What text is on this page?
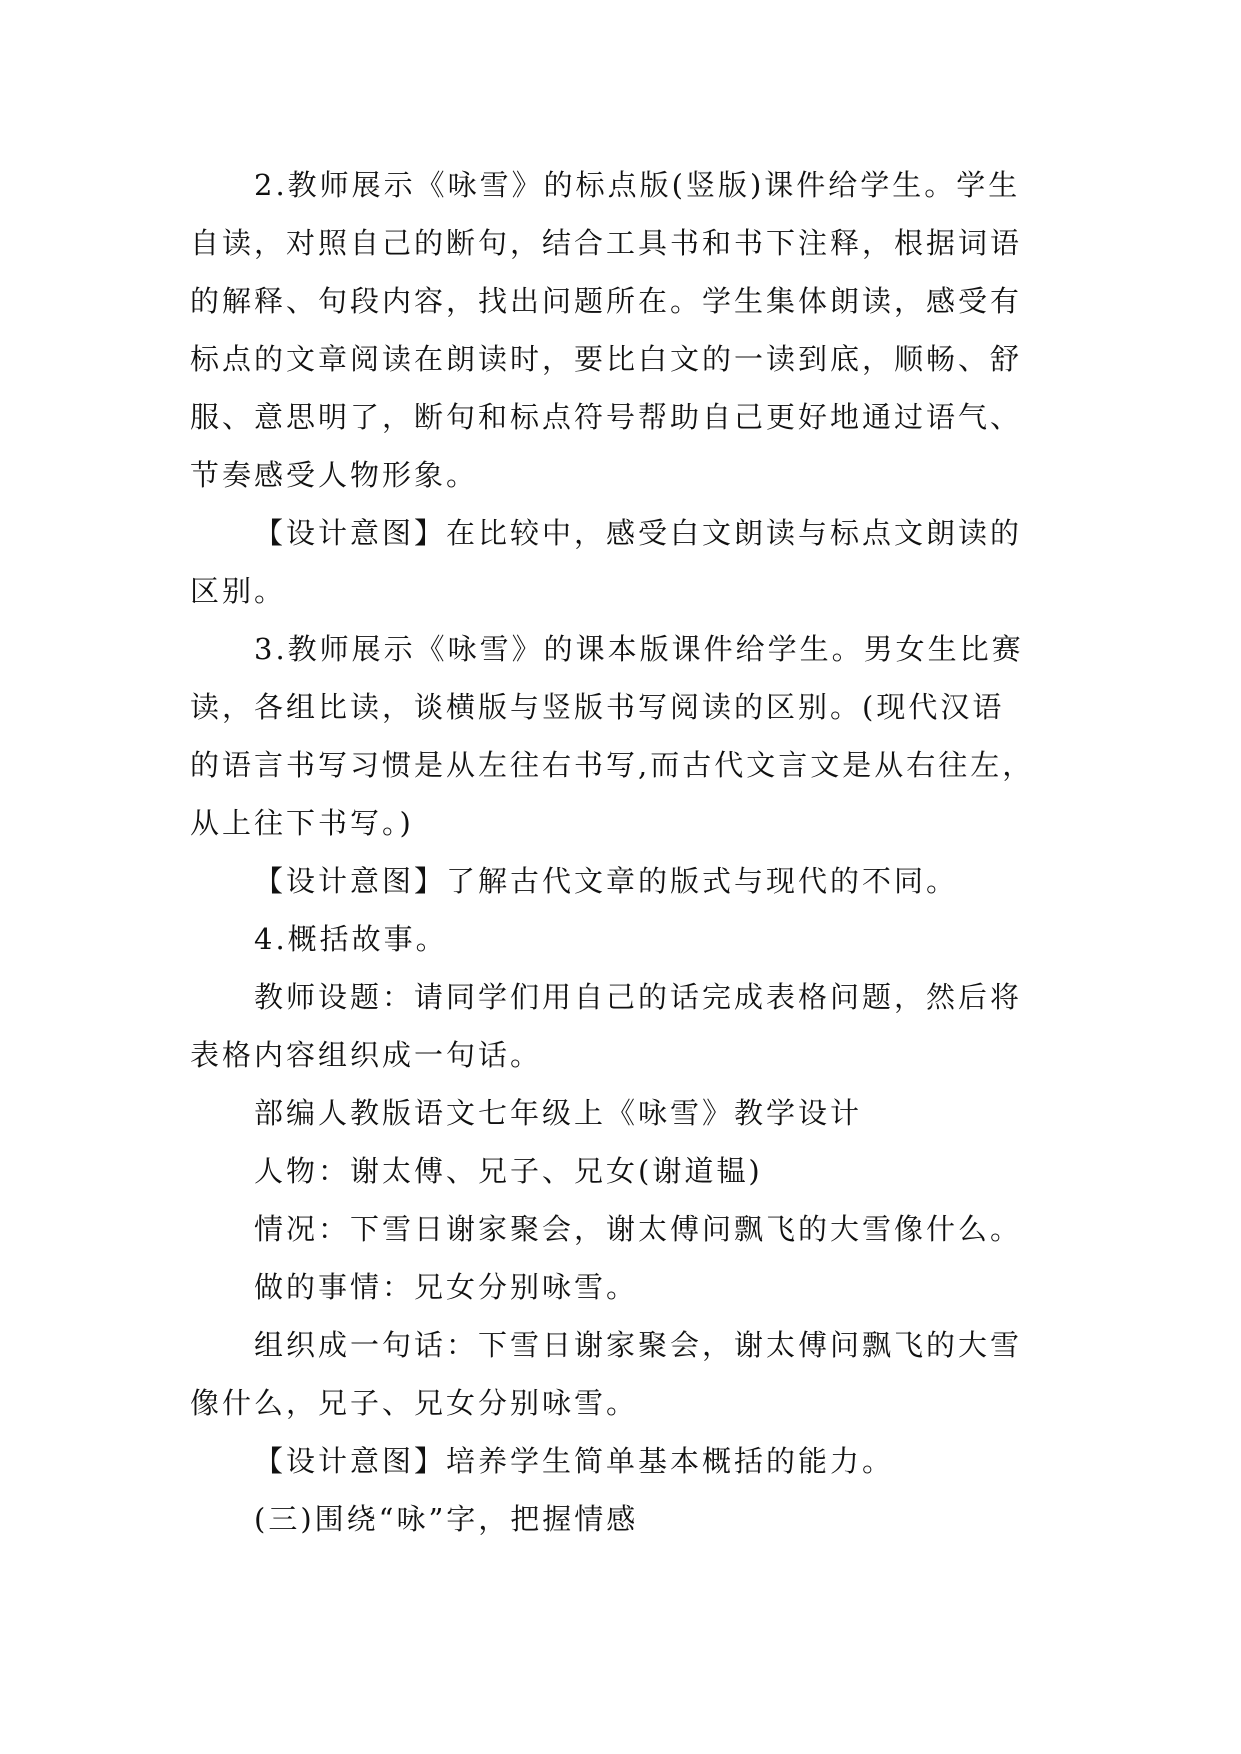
2.教师展示《咏雪》的标点版(竖版)课件给学生。学生
自读，对照自己的断句，结合工具书和书下注释，根据词语
的解释、句段内容，找出问题所在。学生集体朗读，感受有
标点的文章阅读在朗读时，要比白文的一读到底，顺畅、舒
服、意思明了，断句和标点符号帮助自己更好地通过语气、
节奏感受人物形象。

【设计意图】在比较中，感受白文朗读与标点文朗读的
区别。

3.教师展示《咏雪》的课本版课件给学生。男女生比赛
读，各组比读，谈横版与竖版书写阅读的区别。(现代汉语
的语言书写习惯是从左往右书写,而古代文言文是从右往左，
从上往下书写。)

【设计意图】了解古代文章的版式与现代的不同。

4.概括故事。

教师设题：请同学们用自己的话完成表格问题，然后将
表格内容组织成一句话。

部编人教版语文七年级上《咏雪》教学设计

人物：谢太傅、兄子、兄女(谢道韫)

情况：下雪日谢家聚会，谢太傅问飘飞的大雪像什么。

做的事情：兄女分别咏雪。

组织成一句话：下雪日谢家聚会，谢太傅问飘飞的大雪
像什么，兄子、兄女分别咏雪。

【设计意图】培养学生简单基本概括的能力。

(三)围绕“咏”字，把握情感
